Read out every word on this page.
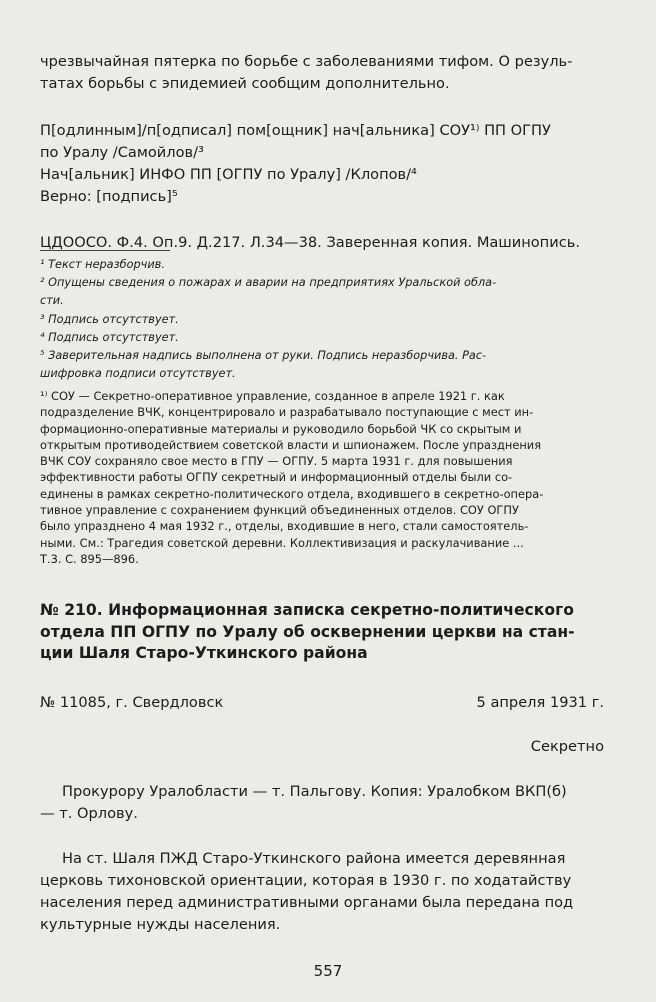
чрезвычайная пятерка по борьбе с заболеваниями тифом. О резуль-
татах борьбы с эпидемией сообщим дополнительно.

П[одлинным]/п[одписал] пом[ощник] нач[альника] СОУ¹⁾ ПП ОГПУ
по Уралу /Самойлов/³
Нач[альник] ИНФО ПП [ОГПУ по Уралу] /Клопов/⁴
Верно: [подпись]⁵

ЦДООСО. Ф.4. Оп.9. Д.217. Л.34—38. Заверенная копия. Машинопись.

¹ Текст неразборчив.
² Опущены сведения о пожарах и аварии на предприятиях Уральской обла-
сти.
³ Подпись отсутствует.
⁴ Подпись отсутствует.
⁵ Заверительная надпись выполнена от руки. Подпись неразборчива. Рас-
шифровка подписи отсутствует.

¹⁾ СОУ — Секретно-оперативное управление, созданное в апреле 1921 г. как
подразделение ВЧК, концентрировало и разрабатывало поступающие с мест ин-
формационно-оперативные материалы и руководило борьбой ЧК со скрытым и
открытым противодействием советской власти и шпионажем. После упразднения
ВЧК СОУ сохраняло свое место в ГПУ — ОГПУ. 5 марта 1931 г. для повышения
эффективности работы ОГПУ секретный и информационный отделы были со-
единены в рамках секретно-политического отдела, входившего в секретно-опера-
тивное управление с сохранением функций объединенных отделов. СОУ ОГПУ
было упразднено 4 мая 1932 г., отделы, входившие в него, стали самостоятель-
ными. См.: Трагедия советской деревни. Коллективизация и раскулачивание ...
Т.3. С. 895—896.

№ 210. Информационная записка секретно-политического
отдела ПП ОГПУ по Уралу об осквернении церкви на стан-
ции Шаля Старо-Уткинского района
№ 11085, г. Свердловск	5 апреля 1931 г.
Секретно

Прокурору Уралобласти — т. Пальгову. Копия: Уралобком ВКП(б)
— т. Орлову.

На ст. Шаля ПЖД Старо-Уткинского района имеется деревянная
церковь тихоновской ориентации, которая в 1930 г. по ходатайству
населения перед административными органами была передана под
культурные нужды населения.

557
